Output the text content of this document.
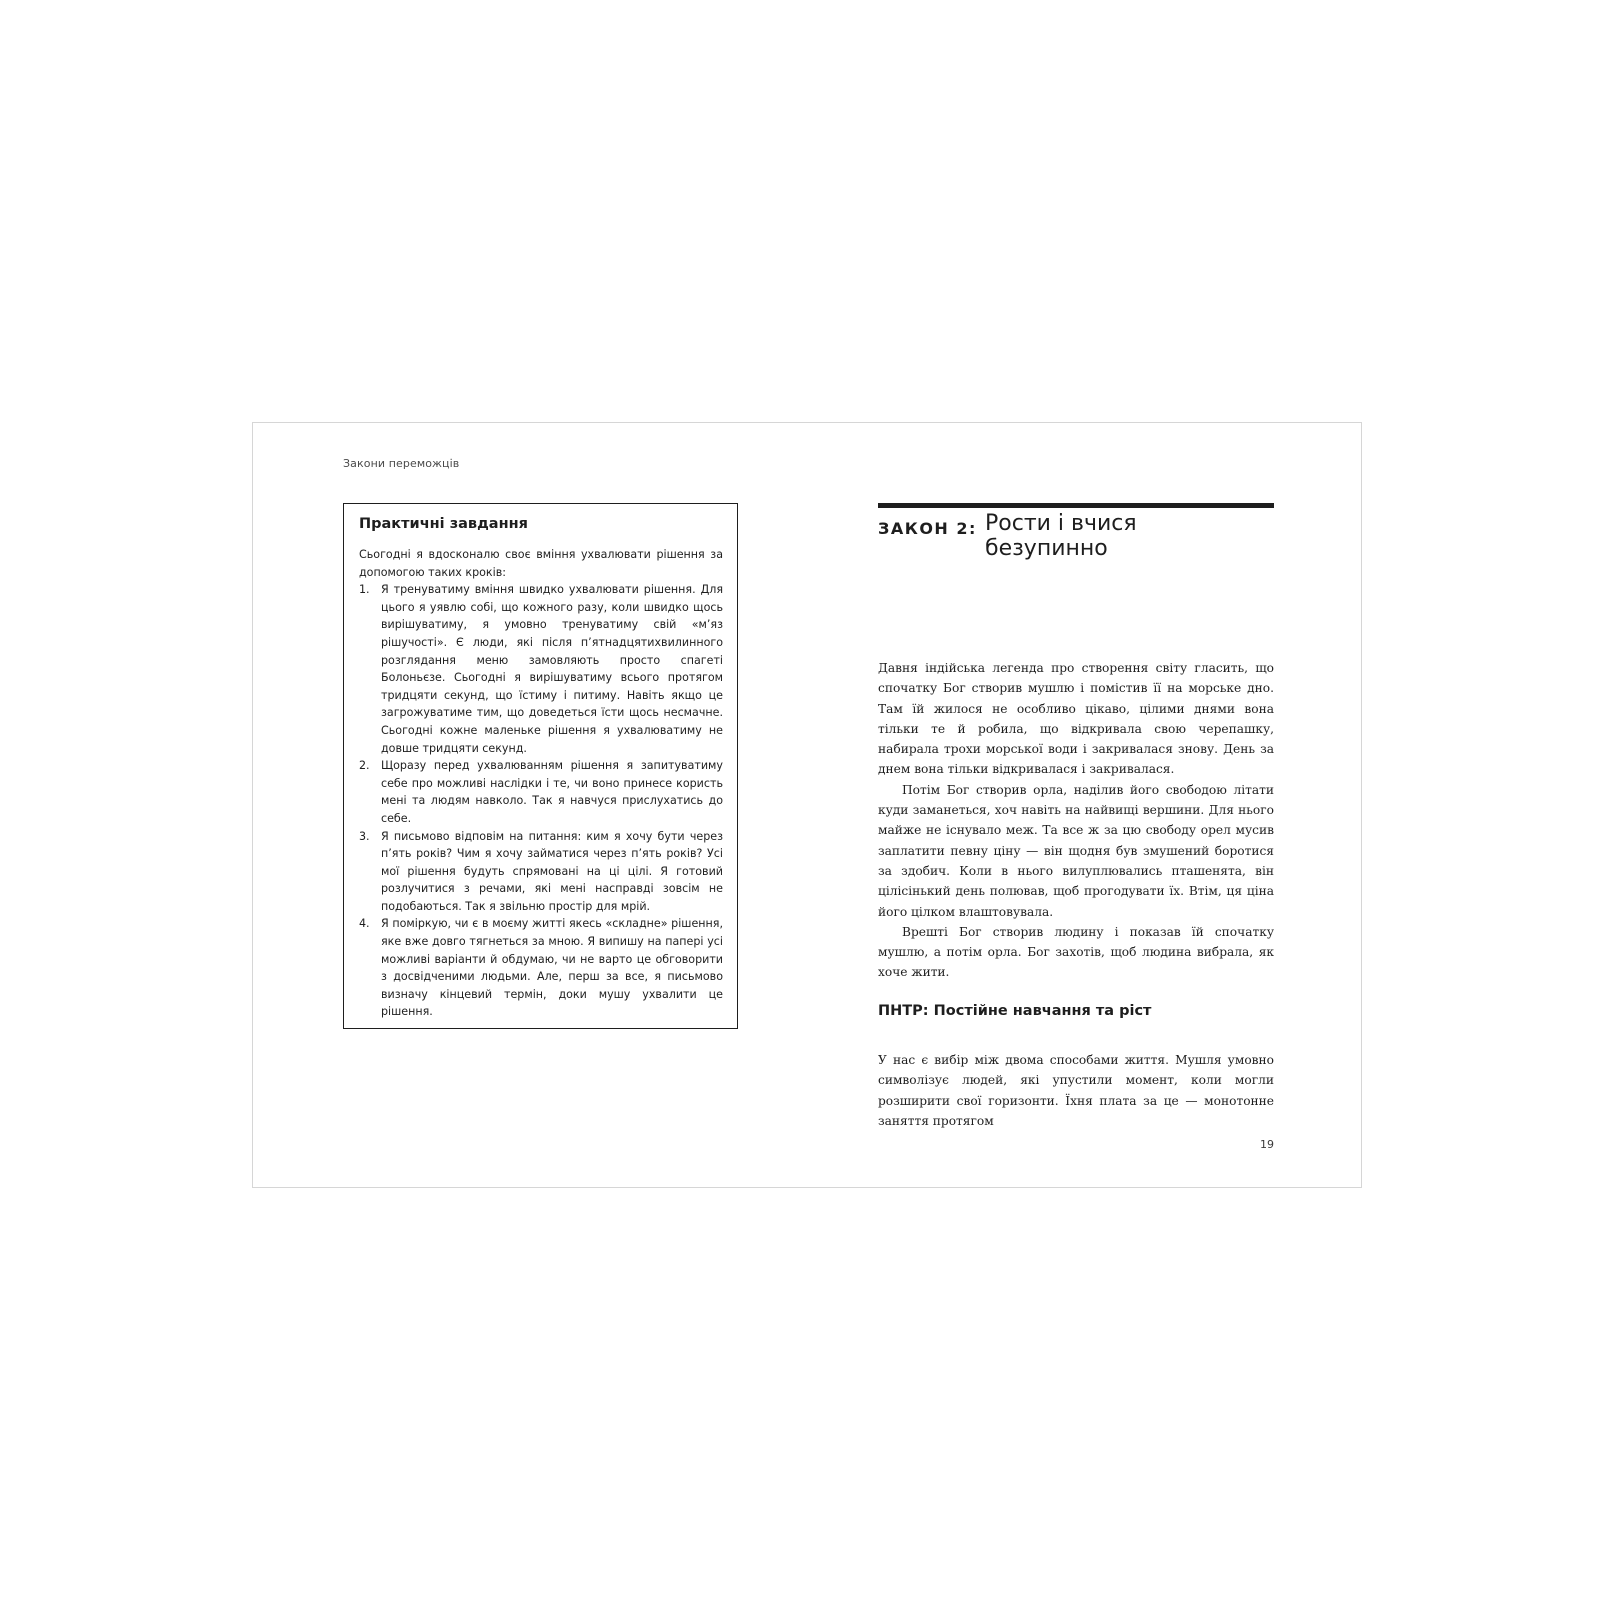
Закони переможців
Практичні завдання

Сьогодні я вдосконалю своє вміння ухвалювати рішення за допомогою таких кроків:

1. Я тренуватиму вміння швидко ухвалювати рішення. Для цього я уявлю собі, що кожного разу, коли швидко щось вирішуватиму, я умовно тренуватиму свій «м’яз рішучості». Є люди, які після п’ятнадцятихвилинного розглядання меню замовляють просто спагеті Болоньєзе. Сьогодні я вирішуватиму всього протягом тридцяти секунд, що їстиму і питиму. Навіть якщо це загрожуватиме тим, що доведеться їсти щось несмачне. Сьогодні кожне маленьке рішення я ухвалюватиму не довше тридцяти секунд.
2. Щоразу перед ухвалюванням рішення я запитуватиму себе про можливі наслідки і те, чи воно принесе користь мені та людям навколо. Так я навчуся прислухатись до себе.
3. Я письмово відповім на питання: ким я хочу бути через п’ять років? Чим я хочу займатися через п’ять років? Усі мої рішення будуть спрямовані на ці цілі. Я готовий розлучитися з речами, які мені насправді зовсім не подобаються. Так я звільню простір для мрій.
4. Я поміркую, чи є в моєму житті якесь «складне» рішення, яке вже довго тягнеться за мною. Я випишу на папері усі можливі варіанти й обдумаю, чи не варто це обговорити з досвідченими людьми. Але, перш за все, я письмово визначу кінцевий термін, доки мушу ухвалити це рішення.
ЗАКОН 2: Рости і вчися безупинно

Давня індійська легенда про створення світу гласить, що спочатку Бог створив мушлю і помістив її на морське дно. Там їй жилося не особливо цікаво, цілими днями вона тільки те й робила, що відкривала свою черепашку, набирала трохи морської води і закривалася знову. День за днем вона тільки відкривалася і закривалася.

Потім Бог створив орла, наділив його свободою літати куди заманеться, хоч навіть на найвищі вершини. Для нього майже не існувало меж. Та все ж за цю свободу орел мусив заплатити певну ціну — він щодня був змушений боротися за здобич. Коли в нього вилуплювались пташенята, він цілісінький день полював, щоб прогодувати їх. Втім, ця ціна його цілком влаштовувала.

Врешті Бог створив людину і показав їй спочатку мушлю, а потім орла. Бог захотів, щоб людина вибрала, як хоче жити.

ПНТР: Постійне навчання та ріст

У нас є вибір між двома способами життя. Мушля умовно символізує людей, які упустили момент, коли могли розширити свої горизонти. Їхня плата за це — монотонне заняття протягом

19
